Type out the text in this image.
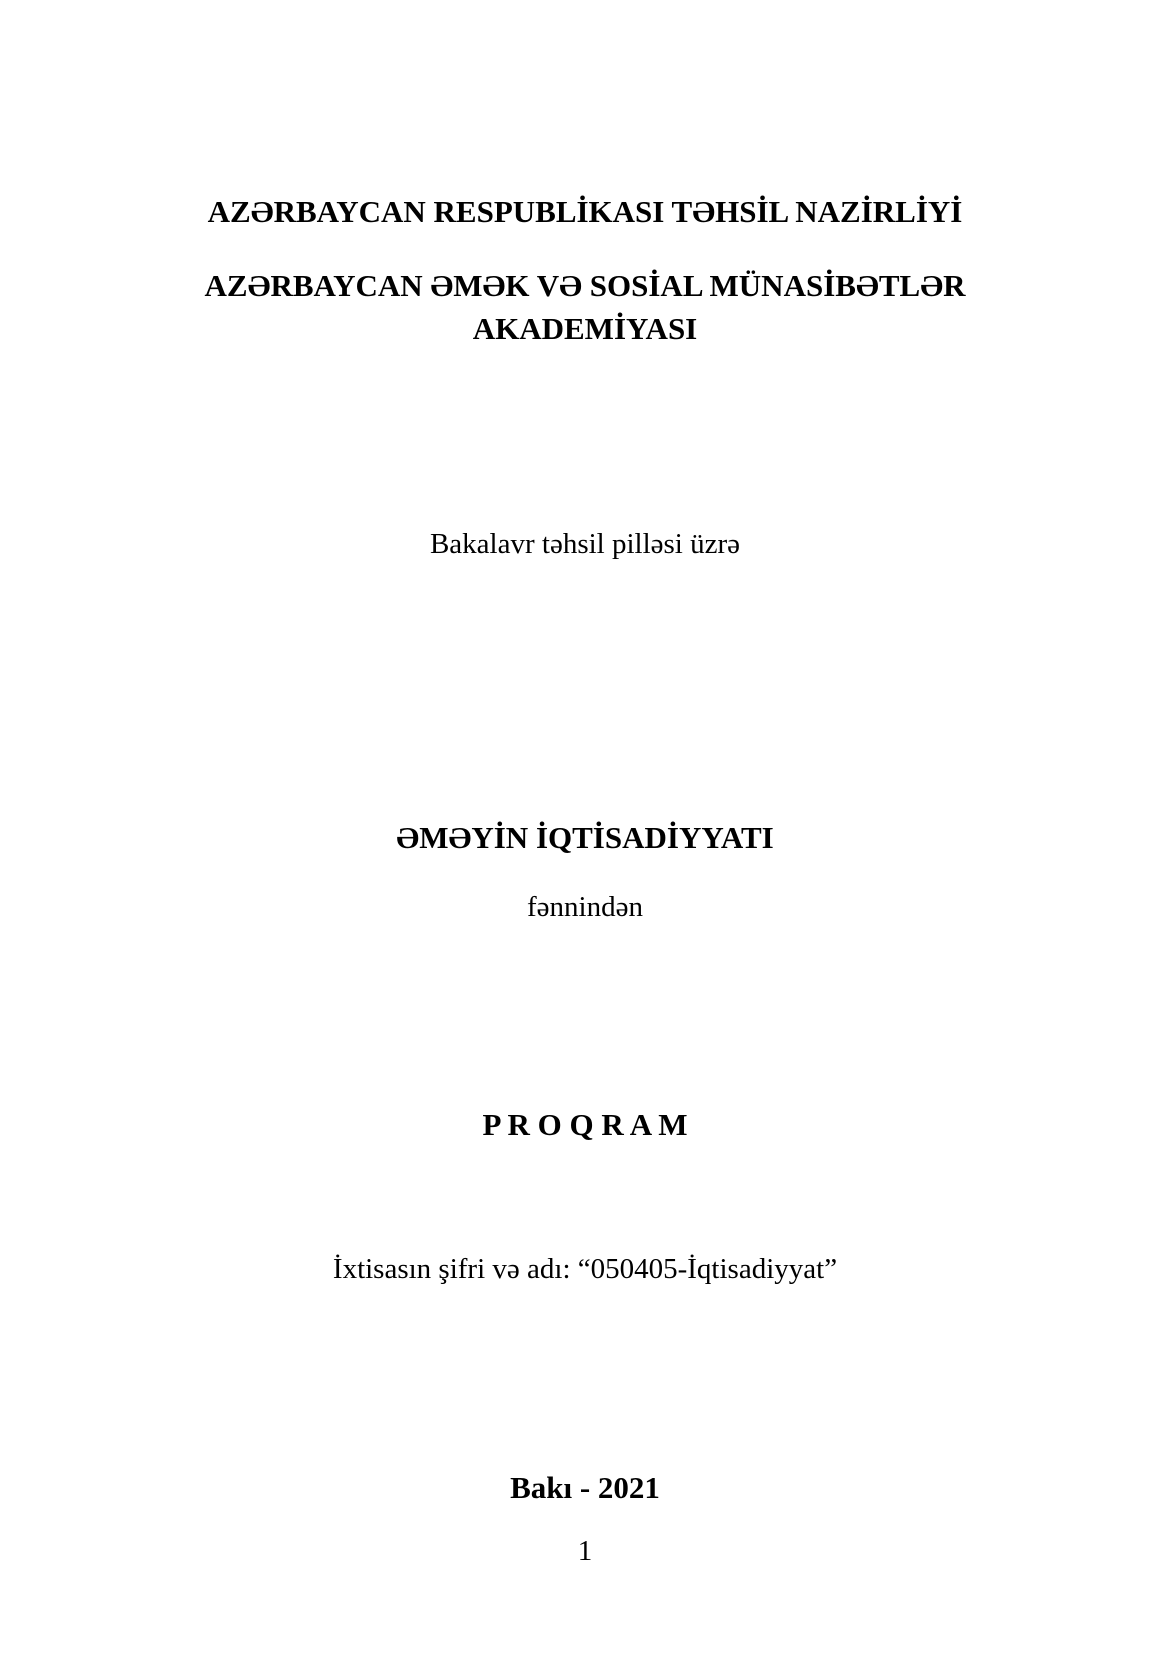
AZƏRBAYCAN RESPUBLİKASI TƏHSİL NAZİRLİYİ
AZƏRBAYCAN ƏMƏK VƏ SOSİAL MÜNASİBƏTLƏR
AKADEMİYASI
Bakalavr təhsil pilləsi üzrə
ƏMƏYİN İQTİSADİYYATI
fənnindən
P R O Q R A M
İxtisasın şifri və adı: “050405-İqtisadiyyat”
Bakı - 2021
1
